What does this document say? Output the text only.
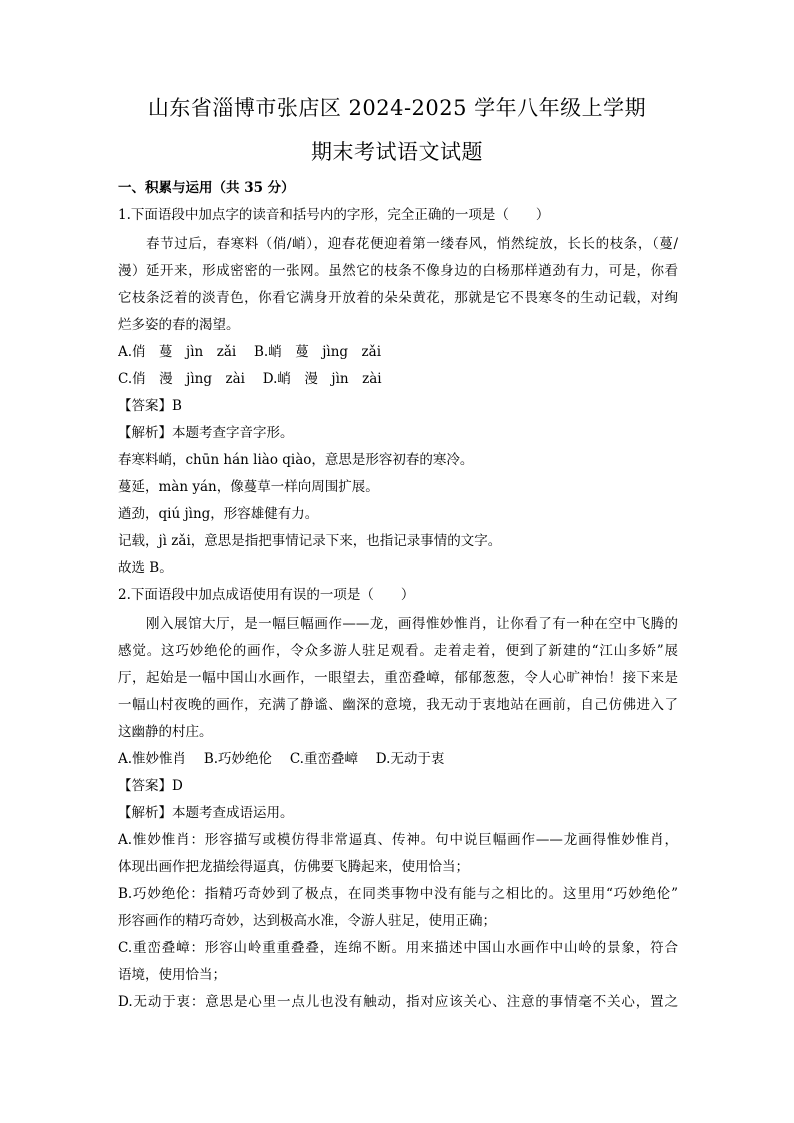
山东省淄博市张店区 2024-2025 学年八年级上学期
期末考试语文试题
一、积累与运用（共 35 分）
1.下面语段中加点字的读音和括号内的字形，完全正确的一项是（　　）
春节过后，春寒料（俏/峭），迎春花便迎着第一缕春风，悄然绽放，长长的枝条，（蔓/
漫）延开来，形成密密的一张网。虽然它的枝条不像身边的白杨那样遒劲有力，可是，你看
它枝条泛着的淡青色，你看它满身开放着的朵朵黄花，那就是它不畏寒冬的生动记载，对绚
烂多姿的春的渴望。
A.俏　蔓　jìn　zǎi　 B.峭　蔓　jìng　zǎi
C.俏　漫　jìng　zài　 D.峭　漫　jìn　zài
【答案】B
【解析】本题考查字音字形。
春寒料峭，chūn hán liào qiào，意思是形容初春的寒冷。
蔓延，màn yán，像蔓草一样向周围扩展。
遒劲，qiú jìng，形容雄健有力。
记载，jì zǎi，意思是指把事情记录下来，也指记录事情的文字。
故选 B。
2.下面语段中加点成语使用有误的一项是（　　）
刚入展馆大厅，是一幅巨幅画作——龙，画得惟妙惟肖，让你看了有一种在空中飞腾的
感觉。这巧妙绝伦的画作，令众多游人驻足观看。走着走着，便到了新建的“江山多娇”展
厅，起始是一幅中国山水画作，一眼望去，重峦叠嶂，郁郁葱葱，令人心旷神怡！接下来是
一幅山村夜晚的画作，充满了静谧、幽深的意境，我无动于衷地站在画前，自己仿佛进入了
这幽静的村庄。
A.惟妙惟肖　 B.巧妙绝伦　 C.重峦叠嶂　 D.无动于衷
【答案】D
【解析】本题考查成语运用。
A.惟妙惟肖：形容描写或模仿得非常逼真、传神。句中说巨幅画作——龙画得惟妙惟肖，
体现出画作把龙描绘得逼真，仿佛要飞腾起来，使用恰当；
B.巧妙绝伦：指精巧奇妙到了极点，在同类事物中没有能与之相比的。这里用“巧妙绝伦”
形容画作的精巧奇妙，达到极高水准，令游人驻足，使用正确；
C.重峦叠嶂：形容山岭重重叠叠，连绵不断。用来描述中国山水画作中山岭的景象，符合
语境，使用恰当；
D.无动于衷：意思是心里一点儿也没有触动，指对应该关心、注意的事情毫不关心，置之
